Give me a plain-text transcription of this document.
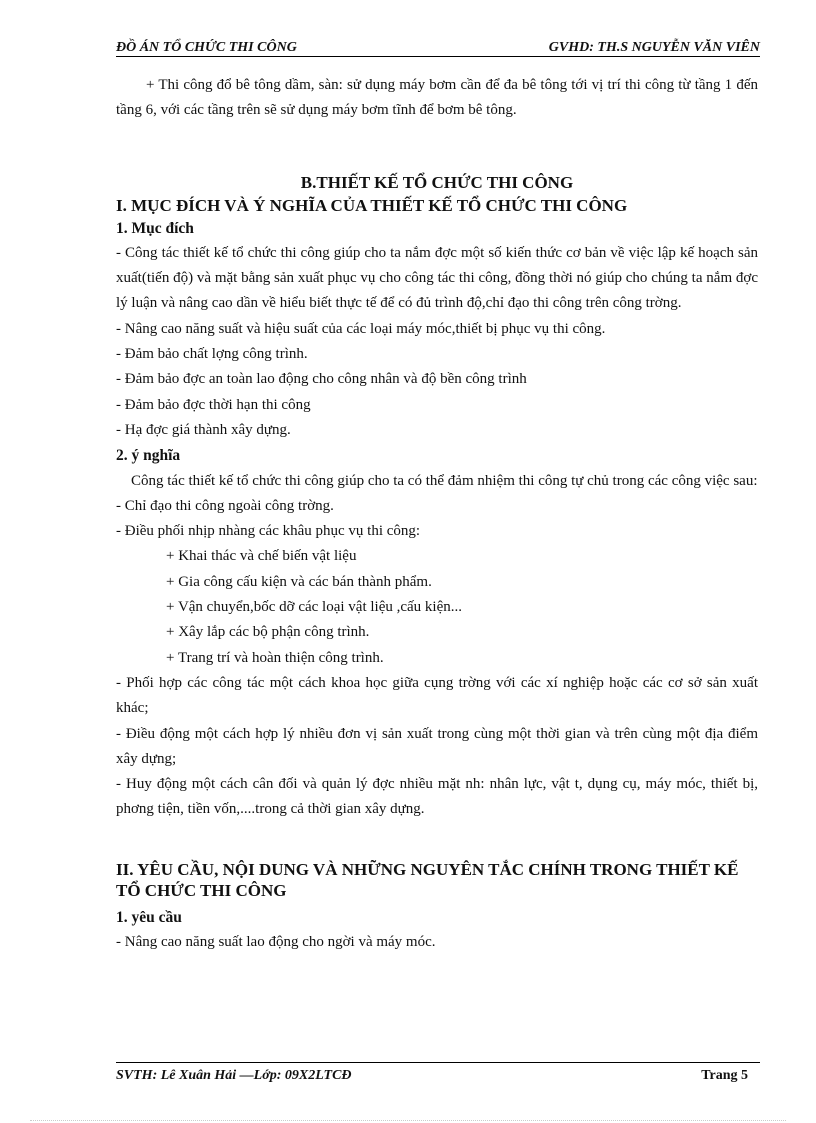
ĐỒ ÁN TỔ CHỨC THI CÔNG	GVHD: TH.S NGUYỄN VĂN VIÊN

+ Thi công đổ bê tông dầm, sàn: sử dụng máy bơm cần để đa bê tông tới vị trí thi công từ tầng 1 đến tầng 6, với các tầng trên sẽ sử dụng máy bơm tĩnh để bơm bê tông.

B.THIẾT KẾ TỔ CHỨC THI CÔNG

I. MỤC ĐÍCH VÀ Ý NGHĨA CỦA THIẾT KẾ TỔ CHỨC THI CÔNG

1. Mục đích

- Công tác thiết kế tổ chức thi công giúp cho ta nắm đợc một số kiến thức cơ bản về việc lập kế hoạch sản xuất(tiến độ) và mặt bằng sản xuất phục vụ cho công tác thi công, đồng thời nó giúp cho chúng ta nắm đợc lý luận và nâng cao dần về hiểu biết thực tế để có đủ trình độ,chỉ đạo thi công trên công trờng.

- Nâng cao năng suất và hiệu suất của các loại máy móc,thiết bị phục vụ thi công.

- Đảm bảo chất lợng công trình.

- Đảm bảo đợc an toàn lao động cho công nhân và độ bền công trình

- Đảm bảo đợc thời hạn thi công

- Hạ đợc giá thành xây dựng.

2. ý nghĩa

Công tác thiết kế tổ chức thi công giúp cho ta có thể đảm nhiệm thi công tự chủ trong các công việc sau:

- Chỉ đạo thi công ngoài công trờng.

- Điều phối nhịp nhàng các khâu phục vụ thi công:

+ Khai thác và chế biến vật liệu

+ Gia công cấu kiện và các bán thành phẩm.

+ Vận chuyển,bốc dỡ các loại vật liệu ,cấu kiện...

+ Xây lắp các bộ phận công trình.

+ Trang trí và hoàn thiện công trình.

- Phối hợp các công tác một cách khoa học giữa cụng trờng với các xí nghiệp hoặc các cơ sở sản xuất khác;

- Điều động một cách hợp lý nhiều đơn vị sản xuất trong cùng một thời gian và trên cùng một địa điểm xây dựng;

- Huy động một cách cân đối và quản lý đợc nhiều mặt nh: nhân lực, vật t, dụng cụ, máy móc, thiết bị, phơng tiện, tiền vốn,....trong cả thời gian xây dựng.

II. YÊU CẦU, NỘI DUNG VÀ NHỮNG NGUYÊN TẮC CHÍNH TRONG THIẾT KẾ TỔ CHỨC THI CÔNG

1. yêu cầu

- Nâng cao năng suất lao động cho ngời và máy móc.

SVTH: Lê Xuân Hải —Lớp: 09X2LTCĐ	Trang 5
